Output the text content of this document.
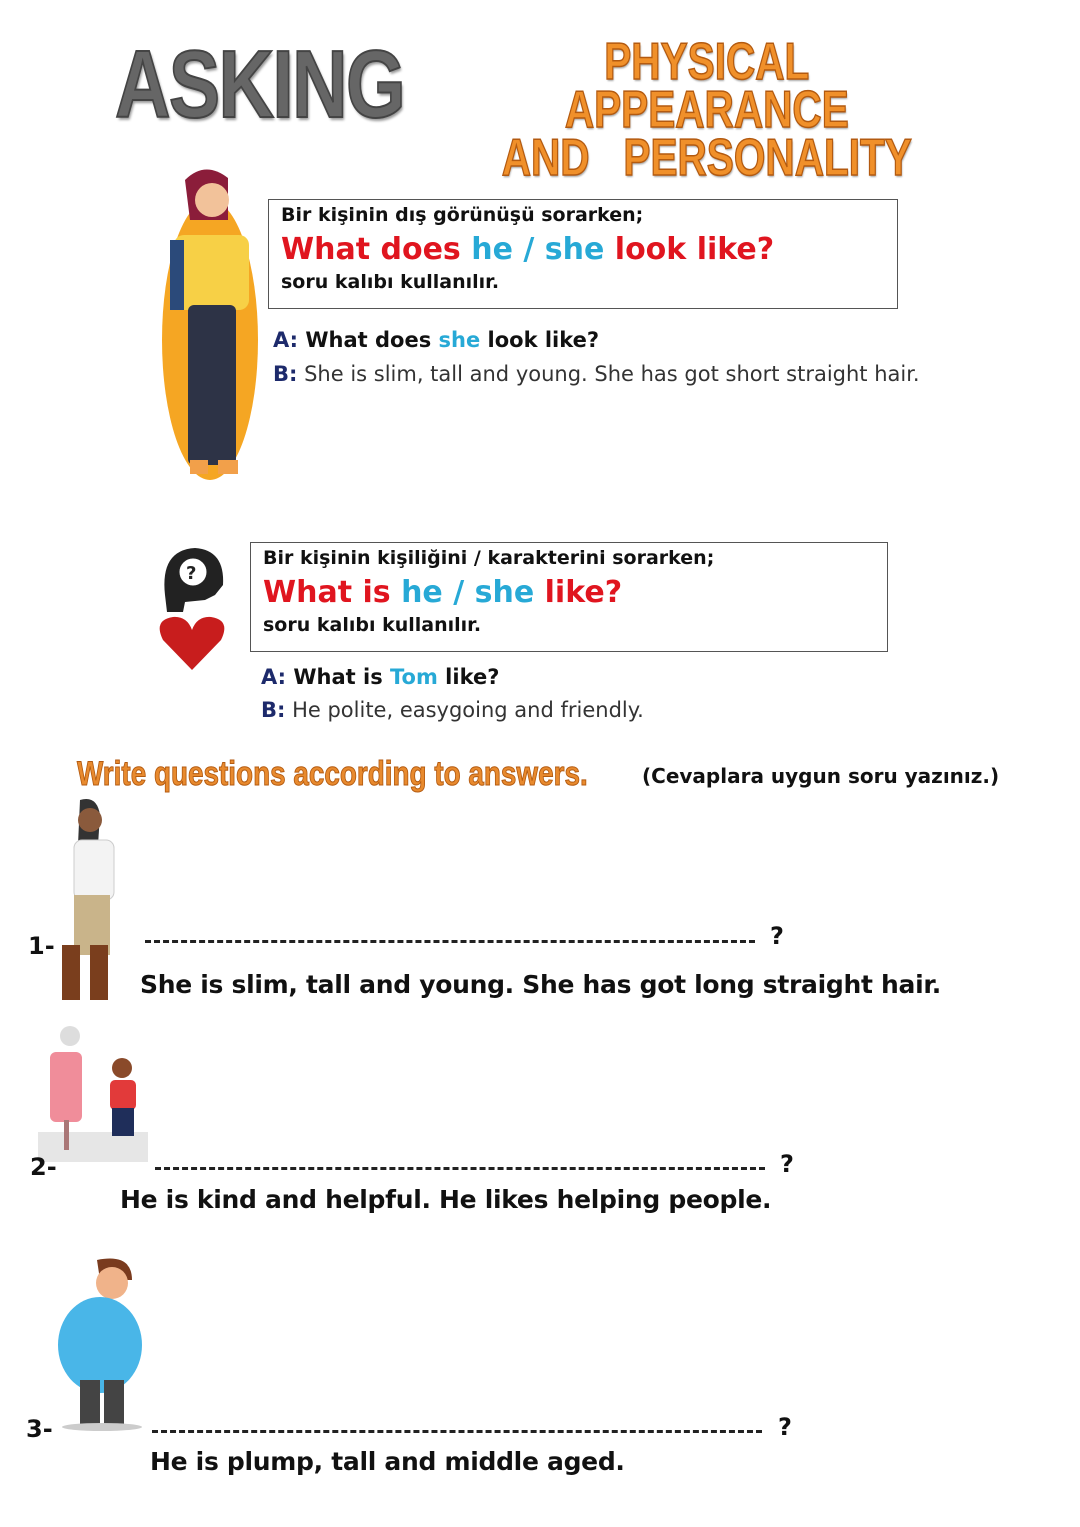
ASKING	PHYSICAL APPEARANCE
AND   PERSONALITY
Bir kişinin dış görünüşü sorarken;
What does he / she look like?
soru kalıbı kullanılır.
A: What does she look like?
B: She is slim, tall and young. She has got short straight hair.
?
Bir kişinin kişiliğini / karakterini sorarken;
What is he / she like?
soru kalıbı kullanılır.
A: What is Tom like?
B: He polite, easygoing and friendly.
Write questions according to answers.	(Cevaplara uygun soru yazınız.)
1-	?
She is slim, tall and young. She has got long straight hair.
2-	?
He is kind and helpful. He likes helping people.
3-	?
He is plump, tall and middle aged.
